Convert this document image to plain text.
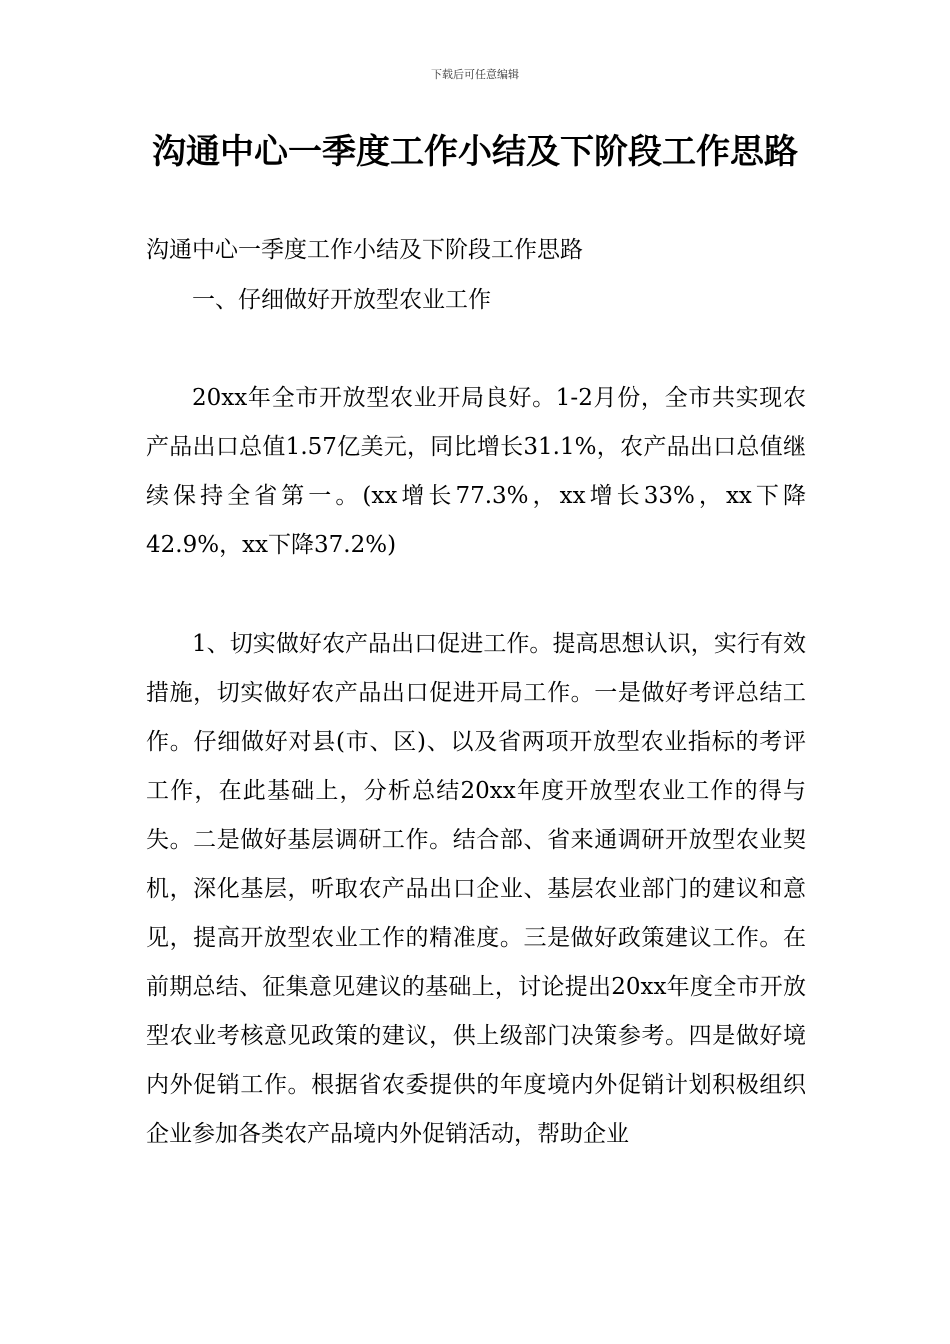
下载后可任意编辑
沟通中心一季度工作小结及下阶段工作思路

沟通中心一季度工作小结及下阶段工作思路

一、仔细做好开放型农业工作

20xx年全市开放型农业开局良好。1-2月份，全市共实现农产品出口总值1.57亿美元，同比增长31.1%，农产品出口总值继续保持全省第一。(xx增长77.3%，xx增长33%，xx下降42.9%，xx下降37.2%)

1、切实做好农产品出口促进工作。提高思想认识，实行有效措施，切实做好农产品出口促进开局工作。一是做好考评总结工作。仔细做好对县(市、区)、以及省两项开放型农业指标的考评工作，在此基础上，分析总结20xx年度开放型农业工作的得与失。二是做好基层调研工作。结合部、省来通调研开放型农业契机，深化基层，听取农产品出口企业、基层农业部门的建议和意见，提高开放型农业工作的精准度。三是做好政策建议工作。在前期总结、征集意见建议的基础上，讨论提出20xx年度全市开放型农业考核意见政策的建议，供上级部门决策参考。四是做好境内外促销工作。根据省农委提供的年度境内外促销计划积极组织企业参加各类农产品境内外促销活动，帮助企业
